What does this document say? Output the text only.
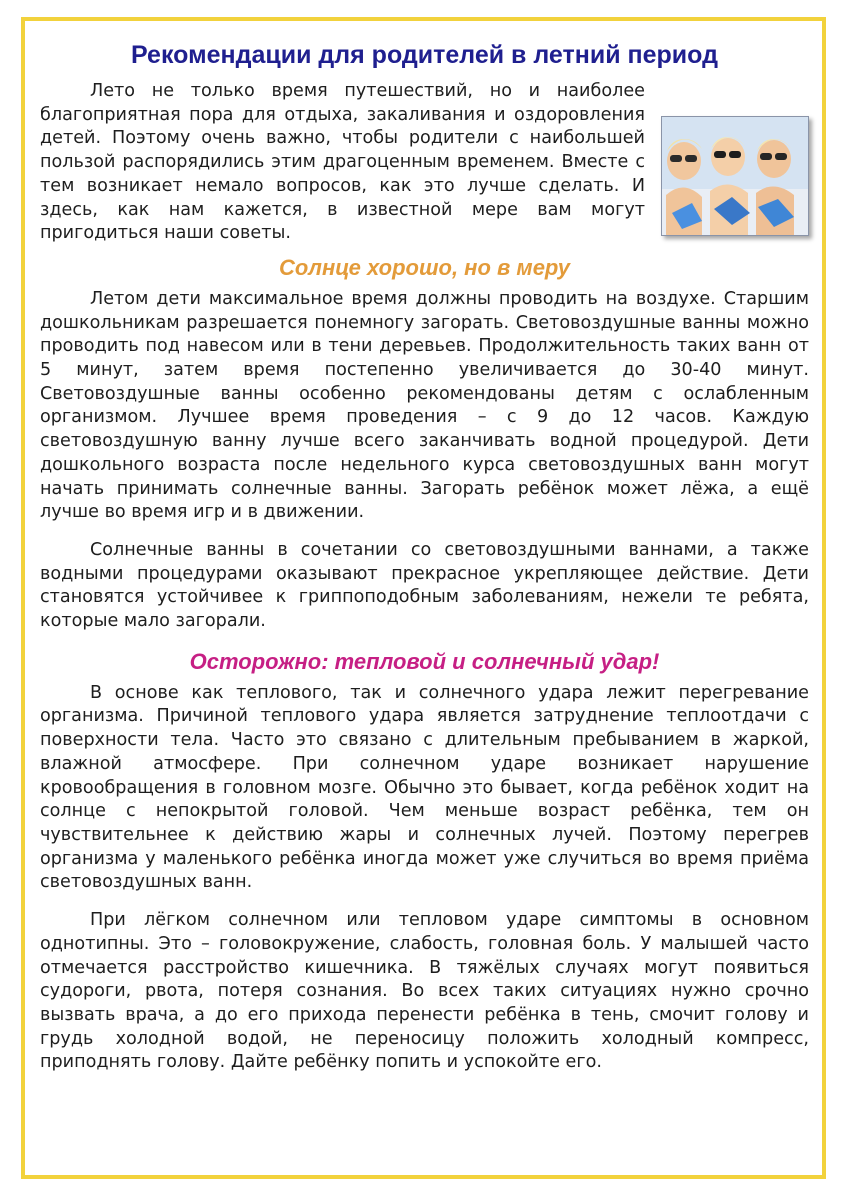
Рекомендации для родителей в летний период

Лето не только время путешествий, но и наиболее благоприятная пора для отдыха, закаливания и оздоровления детей. Поэтому очень важно, чтобы родители с наибольшей пользой распорядились этим драгоценным временем. Вместе с тем возникает немало вопросов, как это лучше сделать. И здесь, как нам кажется, в известной мере вам могут пригодиться наши советы.

Солнце хорошо, но в меру

Летом дети максимальное время должны проводить на воздухе. Старшим дошкольникам разрешается понемногу загорать. Световоздушные ванны можно проводить под навесом или в тени деревьев. Продолжительность таких ванн от 5 минут, затем время постепенно увеличивается до 30-40 минут. Световоздушные ванны особенно рекомендованы детям с ослабленным организмом. Лучшее время проведения – с 9 до 12 часов. Каждую световоздушную ванну лучше всего заканчивать водной процедурой. Дети дошкольного возраста после недельного курса световоздушных ванн могут начать принимать солнечные ванны. Загорать ребёнок может лёжа, а ещё лучше во время игр и в движении.

Солнечные ванны в сочетании со световоздушными ваннами, а также водными процедурами оказывают прекрасное укрепляющее действие. Дети становятся устойчивее к гриппоподобным заболеваниям, нежели те ребята, которые мало загорали.

Осторожно: тепловой и солнечный удар!

В основе как теплового, так и солнечного удара лежит перегревание организма. Причиной теплового удара является затруднение теплоотдачи с поверхности тела. Часто это связано с длительным пребыванием в жаркой, влажной атмосфере. При солнечном ударе возникает нарушение кровообращения в головном мозге. Обычно это бывает, когда ребёнок ходит на солнце с непокрытой головой. Чем меньше возраст ребёнка, тем он чувствительнее к действию жары и солнечных лучей. Поэтому перегрев организма у маленького ребёнка иногда может уже случиться во время приёма световоздушных ванн.

При лёгком солнечном или тепловом ударе симптомы в основном однотипны. Это – головокружение, слабость, головная боль. У малышей часто отмечается расстройство кишечника. В тяжёлых случаях могут появиться судороги, рвота, потеря сознания. Во всех таких ситуациях нужно срочно вызвать врача, а до его прихода перенести ребёнка в тень, смочит голову и грудь холодной водой, не переносицу положить холодный компресс, приподнять голову. Дайте ребёнку попить и успокойте его.
